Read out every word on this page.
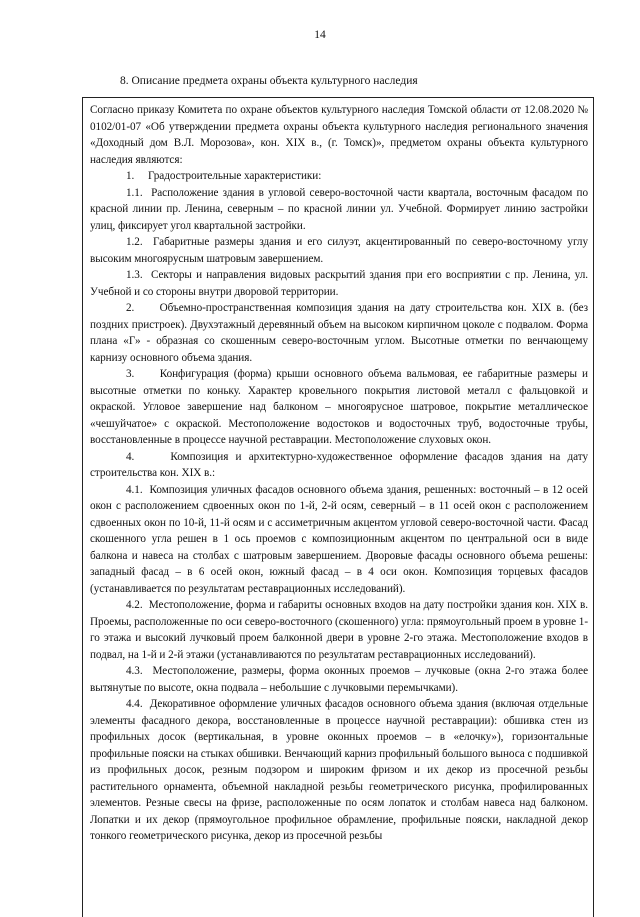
14
8. Описание предмета охраны объекта культурного наследия

Согласно приказу Комитета по охране объектов культурного наследия Томской области от 12.08.2020 № 0102/01-07 «Об утверждении предмета охраны объекта культурного наследия регионального значения «Доходный дом В.Л. Морозова», кон. XIX в., (г. Томск)», предметом охраны объекта культурного наследия являются:

1.     Градостроительные характеристики:

1.1.  Расположение здания в угловой северо-восточной части квартала, восточным фасадом по красной линии пр. Ленина, северным – по красной линии ул. Учебной. Формирует линию застройки улиц, фиксирует угол квартальной застройки.

1.2.  Габаритные размеры здания и его силуэт, акцентированный по северо-восточному углу высоким многоярусным шатровым завершением.

1.3.  Секторы и направления видовых раскрытий здания при его восприятии с пр. Ленина, ул. Учебной и со стороны внутри дворовой территории.

2.     Объемно-пространственная композиция здания на дату строительства кон. XIX в. (без поздних пристроек). Двухэтажный деревянный объем на высоком кирпичном цоколе с подвалом. Форма плана «Г» - образная со скошенным северо-восточным углом. Высотные отметки по венчающему карнизу основного объема здания.

3.     Конфигурация (форма) крыши основного объема вальмовая, ее габаритные размеры и высотные отметки по коньку. Характер кровельного покрытия листовой металл с фальцовкой и окраской. Угловое завершение над балконом – многоярусное шатровое, покрытие металлическое «чешуйчатое» с окраской. Местоположение водостоков и водосточных труб, водосточные трубы, восстановленные в процессе научной реставрации. Местоположение слуховых окон.

4.     Композиция и архитектурно-художественное оформление фасадов здания на дату строительства кон. XIX в.:

4.1.  Композиция уличных фасадов основного объема здания, решенных: восточный – в 12 осей окон с расположением сдвоенных окон по 1-й, 2-й осям, северный – в 11 осей окон с расположением сдвоенных окон по 10-й, 11-й осям и с ассиметричным акцентом угловой северо-восточной части. Фасад скошенного угла решен в 1 ось проемов с композиционным акцентом по центральной оси в виде балкона и навеса на столбах с шатровым завершением. Дворовые фасады основного объема решены: западный фасад – в 6 осей окон, южный фасад – в 4 оси окон. Композиция торцевых фасадов (устанавливается по результатам реставрационных исследований).

4.2.  Местоположение, форма и габариты основных входов на дату постройки здания кон. XIX в. Проемы, расположенные по оси северо-восточного (скошенного) угла: прямоугольный проем в уровне 1-го этажа и высокий лучковый проем балконной двери в уровне 2-го этажа. Местоположение входов в подвал, на 1-й и 2-й этажи (устанавливаются по результатам реставрационных исследований).

4.3.  Местоположение, размеры, форма оконных проемов – лучковые (окна 2-го этажа более вытянутые по высоте, окна подвала – небольшие с лучковыми перемычками).

4.4.  Декоративное оформление уличных фасадов основного объема здания (включая отдельные элементы фасадного декора, восстановленные в процессе научной реставрации): обшивка стен из профильных досок (вертикальная, в уровне оконных проемов – в «елочку»), горизонтальные профильные пояски на стыках обшивки. Венчающий карниз профильный большого выноса с подшивкой из профильных досок, резным подзором и широким фризом и их декор из просечной резьбы растительного орнамента, объемной накладной резьбы геометрического рисунка, профилированных элементов. Резные свесы на фризе, расположенные по осям лопаток и столбам навеса над балконом. Лопатки и их декор (прямоугольное профильное обрамление, профильные пояски, накладной декор тонкого геометрического рисунка, декор из просечной резьбы
